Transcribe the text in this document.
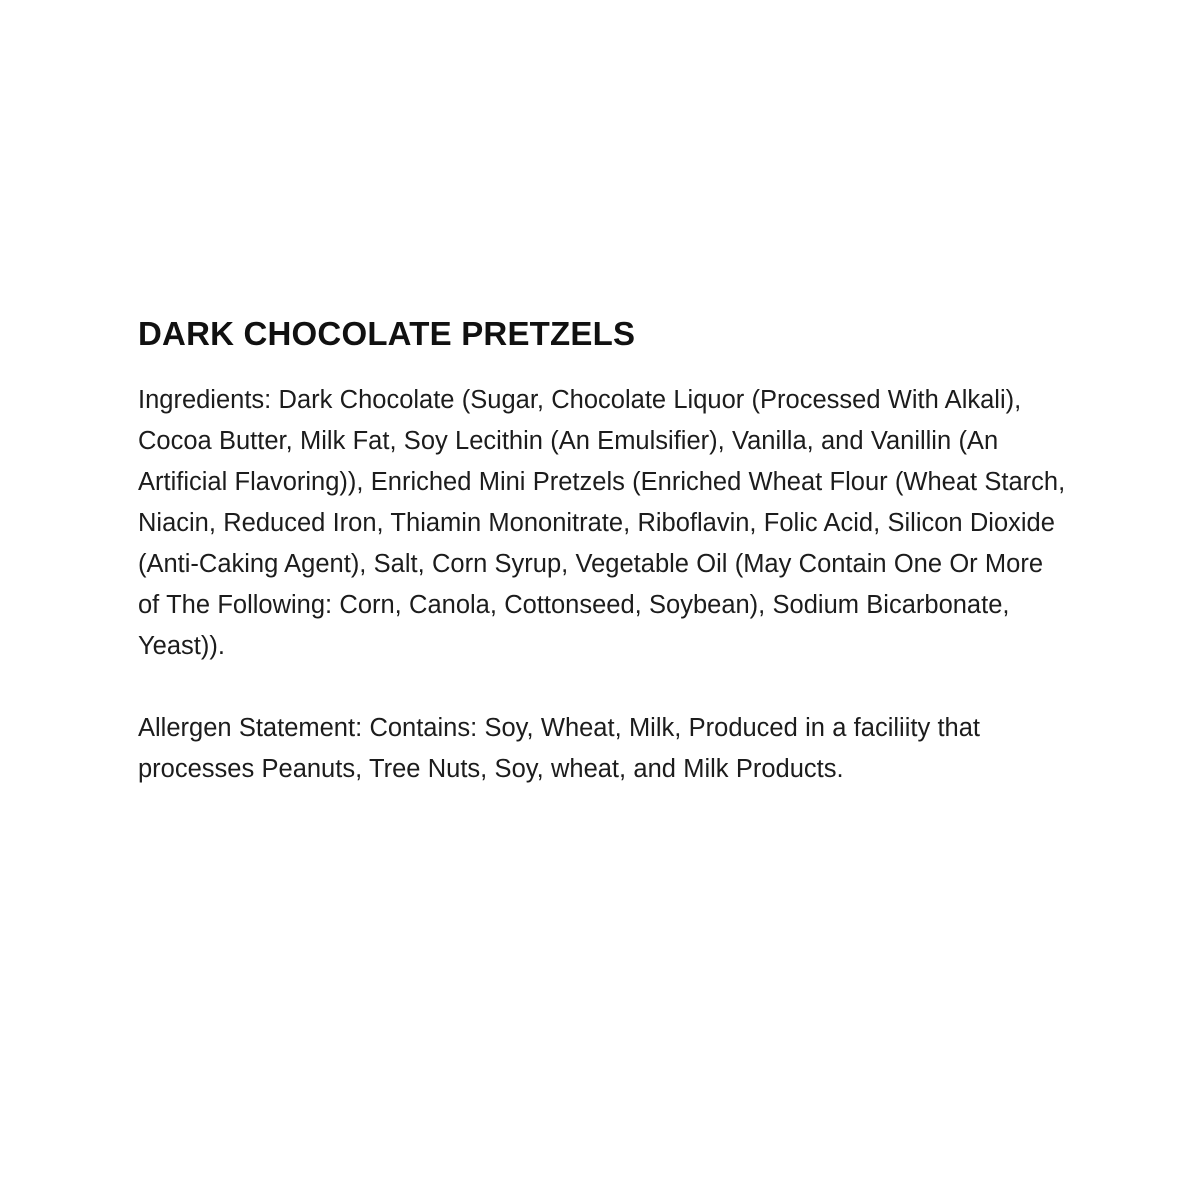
DARK CHOCOLATE PRETZELS

Ingredients: Dark Chocolate (Sugar, Chocolate Liquor (Processed With Alkali), Cocoa Butter, Milk Fat, Soy Lecithin (An Emulsifier), Vanilla, and Vanillin (An Artificial Flavoring)), Enriched Mini Pretzels (Enriched Wheat Flour (Wheat Starch, Niacin, Reduced Iron, Thiamin Mononitrate, Riboflavin, Folic Acid, Silicon Dioxide (Anti-Caking Agent), Salt, Corn Syrup, Vegetable Oil (May Contain One Or More of The Following: Corn, Canola, Cottonseed, Soybean), Sodium Bicarbonate, Yeast)).

Allergen Statement: Contains: Soy, Wheat, Milk, Produced in a faciliity that processes Peanuts, Tree Nuts, Soy, wheat, and Milk Products.
